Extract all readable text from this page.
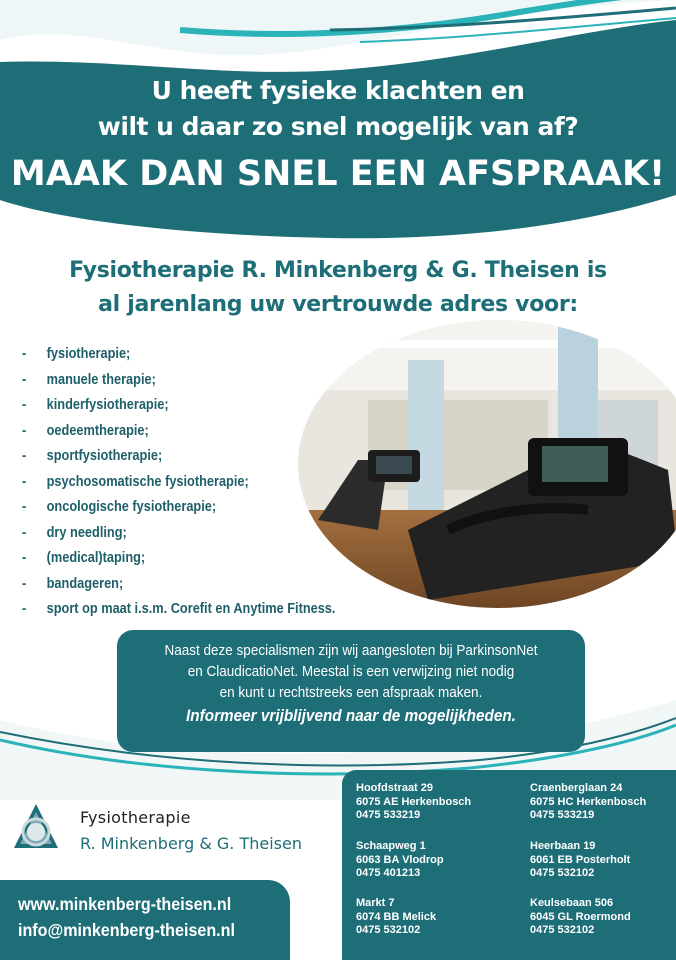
U heeft fysieke klachten en
wilt u daar zo snel mogelijk van af?
MAAK DAN SNEL EEN AFSPRAAK!
Fysiotherapie R. Minkenberg & G. Theisen is
al jarenlang uw vertrouwde adres voor:
- fysiotherapie;
- manuele therapie;
- kinderfysiotherapie;
- oedeemtherapie;
- sportfysiotherapie;
- psychosomatische fysiotherapie;
- oncologische fysiotherapie;
- dry needling;
- (medical)taping;
- bandageren;
- sport op maat i.s.m. Corefit en Anytime Fitness.

Naast deze specialismen zijn wij aangesloten bij ParkinsonNet

en ClaudicatioNet. Meestal is een verwijzing niet nodig

en kunt u rechtstreeks een afspraak maken.

Informeer vrijblijvend naar de mogelijkheden.

Fysiotherapie
R. Minkenberg & G. Theisen
www.minkenberg-theisen.nl
info@minkenberg-theisen.nl
Hoofdstraat 29
6075 AE Herkenbosch
0475 533219
Craenberglaan 24
6075 HC Herkenbosch
0475 533219
Schaapweg 1
6063 BA Vlodrop
0475 401213
Heerbaan 19
6061 EB Posterholt
0475 532102
Markt 7
6074 BB Melick
0475 532102
Keulsebaan 506
6045 GL Roermond
0475 532102
